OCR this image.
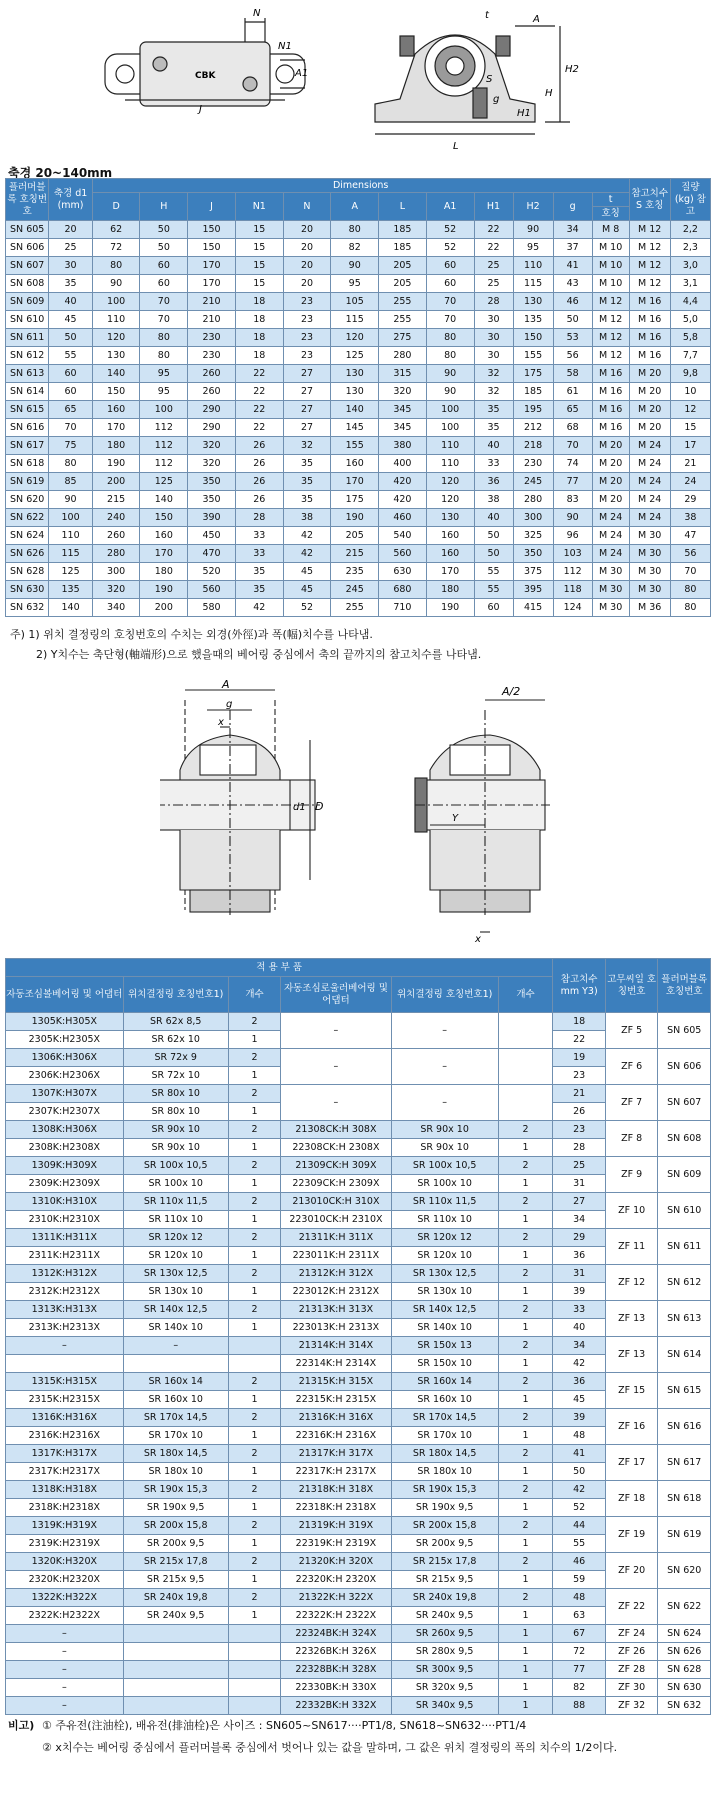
N
N1
A1
J
CBK
t	A
H2
H
H1
S
g
L
축경 20~140mm
플러머블록 호칭번호	축경 d1 (mm)	Dimensions												참고치수 S 호칭	질량 (kg) 참고
		D	H	J	N1	N	A	L	A1	H1	H2	g	t		
													호칭		
SN 605	20	62	50	150	15	20	80	185	52	22	90	34	M 8	M 12	2,2
SN 606	25	72	50	150	15	20	82	185	52	22	95	37	M 10	M 12	2,3
SN 607	30	80	60	170	15	20	90	205	60	25	110	41	M 10	M 12	3,0
SN 608	35	90	60	170	15	20	95	205	60	25	115	43	M 10	M 12	3,1
SN 609	40	100	70	210	18	23	105	255	70	28	130	46	M 12	M 16	4,4
SN 610	45	110	70	210	18	23	115	255	70	30	135	50	M 12	M 16	5,0
SN 611	50	120	80	230	18	23	120	275	80	30	150	53	M 12	M 16	5,8
SN 612	55	130	80	230	18	23	125	280	80	30	155	56	M 12	M 16	7,7
SN 613	60	140	95	260	22	27	130	315	90	32	175	58	M 16	M 20	9,8
SN 614	60	150	95	260	22	27	130	320	90	32	185	61	M 16	M 20	10
SN 615	65	160	100	290	22	27	140	345	100	35	195	65	M 16	M 20	12
SN 616	70	170	112	290	22	27	145	345	100	35	212	68	M 16	M 20	15
SN 617	75	180	112	320	26	32	155	380	110	40	218	70	M 20	M 24	17
SN 618	80	190	112	320	26	35	160	400	110	33	230	74	M 20	M 24	21
SN 619	85	200	125	350	26	35	170	420	120	36	245	77	M 20	M 24	24
SN 620	90	215	140	350	26	35	175	420	120	38	280	83	M 20	M 24	29
SN 622	100	240	150	390	28	38	190	460	130	40	300	90	M 24	M 24	38
SN 624	110	260	160	450	33	42	205	540	160	50	325	96	M 24	M 30	47
SN 626	115	280	170	470	33	42	215	560	160	50	350	103	M 24	M 30	56
SN 628	125	300	180	520	35	45	235	630	170	55	375	112	M 30	M 30	70
SN 630	135	320	190	560	35	45	245	680	180	55	395	118	M 30	M 30	80
SN 632	140	340	200	580	42	52	255	710	190	60	415	124	M 30	M 36	80
주) 1) 위치 결정링의 호칭번호의 수치는 외경(外徑)과 폭(幅)치수를 나타냄.
2) Y치수는 축단형(軸端形)으로 했을때의 베어링 중심에서 축의 끝까지의 참고치수를 나타냄.
A
g
x
d1 D
A/2
Y
x
적 용 부 품						참고치수 mm Y3)	고무씨일 호칭번호	플러머블록 호칭번호
자동조심볼베어링 및 어댑터	위치결정링 호칭번호1)	개수	자동조심로울러베어링 및 어댑터	위치결정링 호칭번호1)	개수			
1305K:H305X	SR 62x 8,5	2	–	–		18	ZF 5	SN 605
2305K:H2305X	SR 62x 10	1				22		
1306K:H306X	SR 72x 9	2	–	–		19	ZF 6	SN 606
2306K:H2306X	SR 72x 10	1				23		
1307K:H307X	SR 80x 10	2	–	–		21	ZF 7	SN 607
2307K:H2307X	SR 80x 10	1				26		
1308K:H306X	SR 90x 10	2	21308CK:H 308X	SR 90x 10	2	23	ZF 8	SN 608
2308K:H2308X	SR 90x 10	1	22308CK:H 2308X	SR 90x 10	1	28		
1309K:H309X	SR 100x 10,5	2	21309CK:H 309X	SR 100x 10,5	2	25	ZF 9	SN 609
2309K:H2309X	SR 100x 10	1	22309CK:H 2309X	SR 100x 10	1	31		
1310K:H310X	SR 110x 11,5	2	213010CK:H 310X	SR 110x 11,5	2	27	ZF 10	SN 610
2310K:H2310X	SR 110x 10	1	223010CK:H 2310X	SR 110x 10	1	34		
1311K:H311X	SR 120x 12	2	21311K:H 311X	SR 120x 12	2	29	ZF 11	SN 611
2311K:H2311X	SR 120x 10	1	223011K:H 2311X	SR 120x 10	1	36		
1312K:H312X	SR 130x 12,5	2	21312K:H 312X	SR 130x 12,5	2	31	ZF 12	SN 612
2312K:H2312X	SR 130x 10	1	223012K:H 2312X	SR 130x 10	1	39		
1313K:H313X	SR 140x 12,5	2	21313K:H 313X	SR 140x 12,5	2	33	ZF 13	SN 613
2313K:H2313X	SR 140x 10	1	223013K:H 2313X	SR 140x 10	1	40		
–	–		21314K:H 314X	SR 150x 13	2	34	ZF 13	SN 614
			22314K:H 2314X	SR 150x 10	1	42		
1315K:H315X	SR 160x 14	2	21315K:H 315X	SR 160x 14	2	36	ZF 15	SN 615
2315K:H2315X	SR 160x 10	1	22315K:H 2315X	SR 160x 10	1	45		
1316K:H316X	SR 170x 14,5	2	21316K:H 316X	SR 170x 14,5	2	39	ZF 16	SN 616
2316K:H2316X	SR 170x 10	1	22316K:H 2316X	SR 170x 10	1	48		
1317K:H317X	SR 180x 14,5	2	21317K:H 317X	SR 180x 14,5	2	41	ZF 17	SN 617
2317K:H2317X	SR 180x 10	1	22317K:H 2317X	SR 180x 10	1	50		
1318K:H318X	SR 190x 15,3	2	21318K:H 318X	SR 190x 15,3	2	42	ZF 18	SN 618
2318K:H2318X	SR 190x 9,5	1	22318K:H 2318X	SR 190x 9,5	1	52		
1319K:H319X	SR 200x 15,8	2	21319K:H 319X	SR 200x 15,8	2	44	ZF 19	SN 619
2319K:H2319X	SR 200x 9,5	1	22319K:H 2319X	SR 200x 9,5	1	55		
1320K:H320X	SR 215x 17,8	2	21320K:H 320X	SR 215x 17,8	2	46	ZF 20	SN 620
2320K:H2320X	SR 215x 9,5	1	22320K:H 2320X	SR 215x 9,5	1	59		
1322K:H322X	SR 240x 19,8	2	21322K:H 322X	SR 240x 19,8	2	48	ZF 22	SN 622
2322K:H2322X	SR 240x 9,5	1	22322K:H 2322X	SR 240x 9,5	1	63		
–			22324BK:H 324X	SR 260x 9,5	1	67	ZF 24	SN 624
–			22326BK:H 326X	SR 280x 9,5	1	72	ZF 26	SN 626
–			22328BK:H 328X	SR 300x 9,5	1	77	ZF 28	SN 628
–			22330BK:H 330X	SR 320x 9,5	1	82	ZF 30	SN 630
–			22332BK:H 332X	SR 340x 9,5	1	88	ZF 32	SN 632
비고) ① 주유전(注油栓), 배유전(排油栓)은 사이즈 : SN605~SN617····PT1/8, SN618~SN632····PT1/4
② x치수는 베어링 중심에서 플러머블록 중심에서 벗어나 있는 값을 말하며, 그 값은 위치 결정링의 폭의 치수의 1/2이다.
